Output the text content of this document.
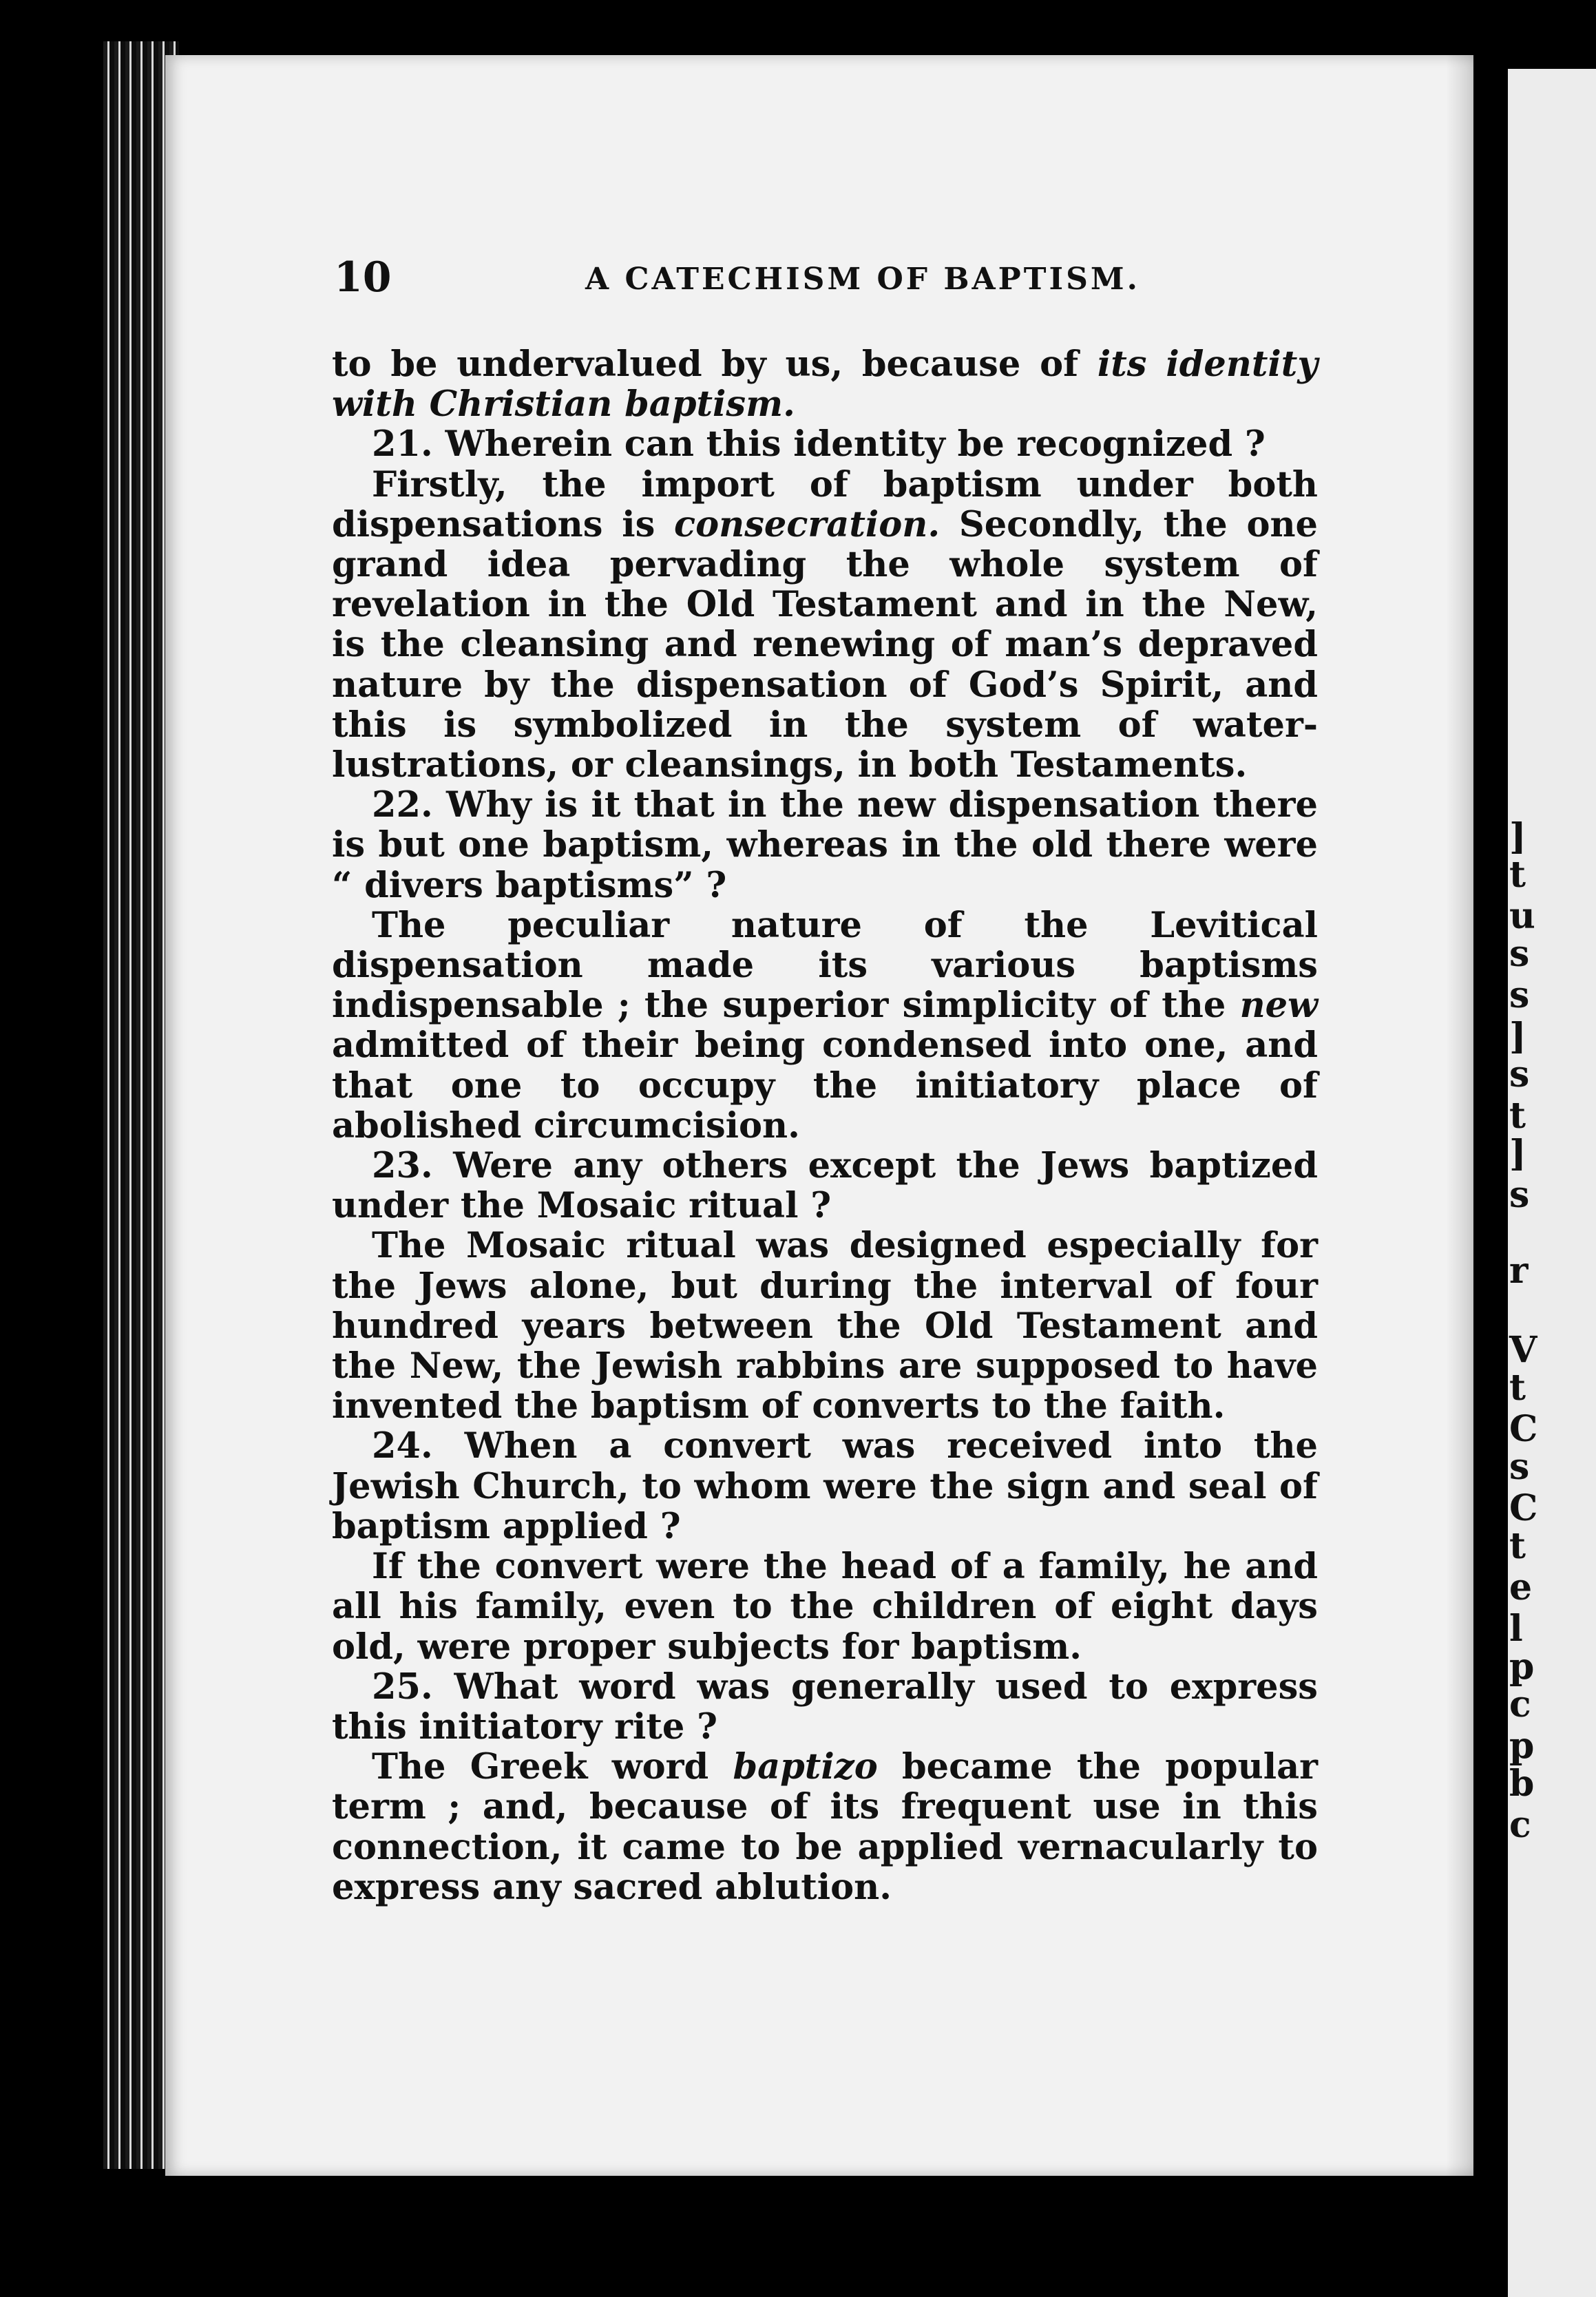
]
t
u
s
s
]
s
t
]
s
r
V
t
C
s
C
t
e
l
p
c
p
b
c
10	A CATECHISM OF BAPTISM.

to be undervalued by us, because of its identity with Christian baptism.

21. Wherein can this identity be recognized ?

Firstly, the import of baptism under both dispensations is consecration. Secondly, the one grand idea pervading the whole system of revelation in the Old Testament and in the New, is the cleansing and renewing of man’s depraved nature by the dispensation of God’s Spirit, and this is symbolized in the system of water-lustrations, or cleansings, in both Testaments.

22. Why is it that in the new dispensation there is but one baptism, whereas in the old there were “ divers baptisms” ?

The peculiar nature of the Levitical dispensation made its various baptisms indispensable ; the superior simplicity of the new admitted of their being condensed into one, and that one to occupy the initiatory place of abolished circumcision.

23. Were any others except the Jews baptized under the Mosaic ritual ?

The Mosaic ritual was designed especially for the Jews alone, but during the interval of four hundred years between the Old Testament and the New, the Jewish rabbins are supposed to have invented the baptism of converts to the faith.

24. When a convert was received into the Jewish Church, to whom were the sign and seal of baptism applied ?

If the convert were the head of a family, he and all his family, even to the children of eight days old, were proper subjects for baptism.

25. What word was generally used to express this initiatory rite ?

The Greek word baptizo became the popular term ; and, because of its frequent use in this connection, it came to be applied vernacularly to express any sacred ablution.
